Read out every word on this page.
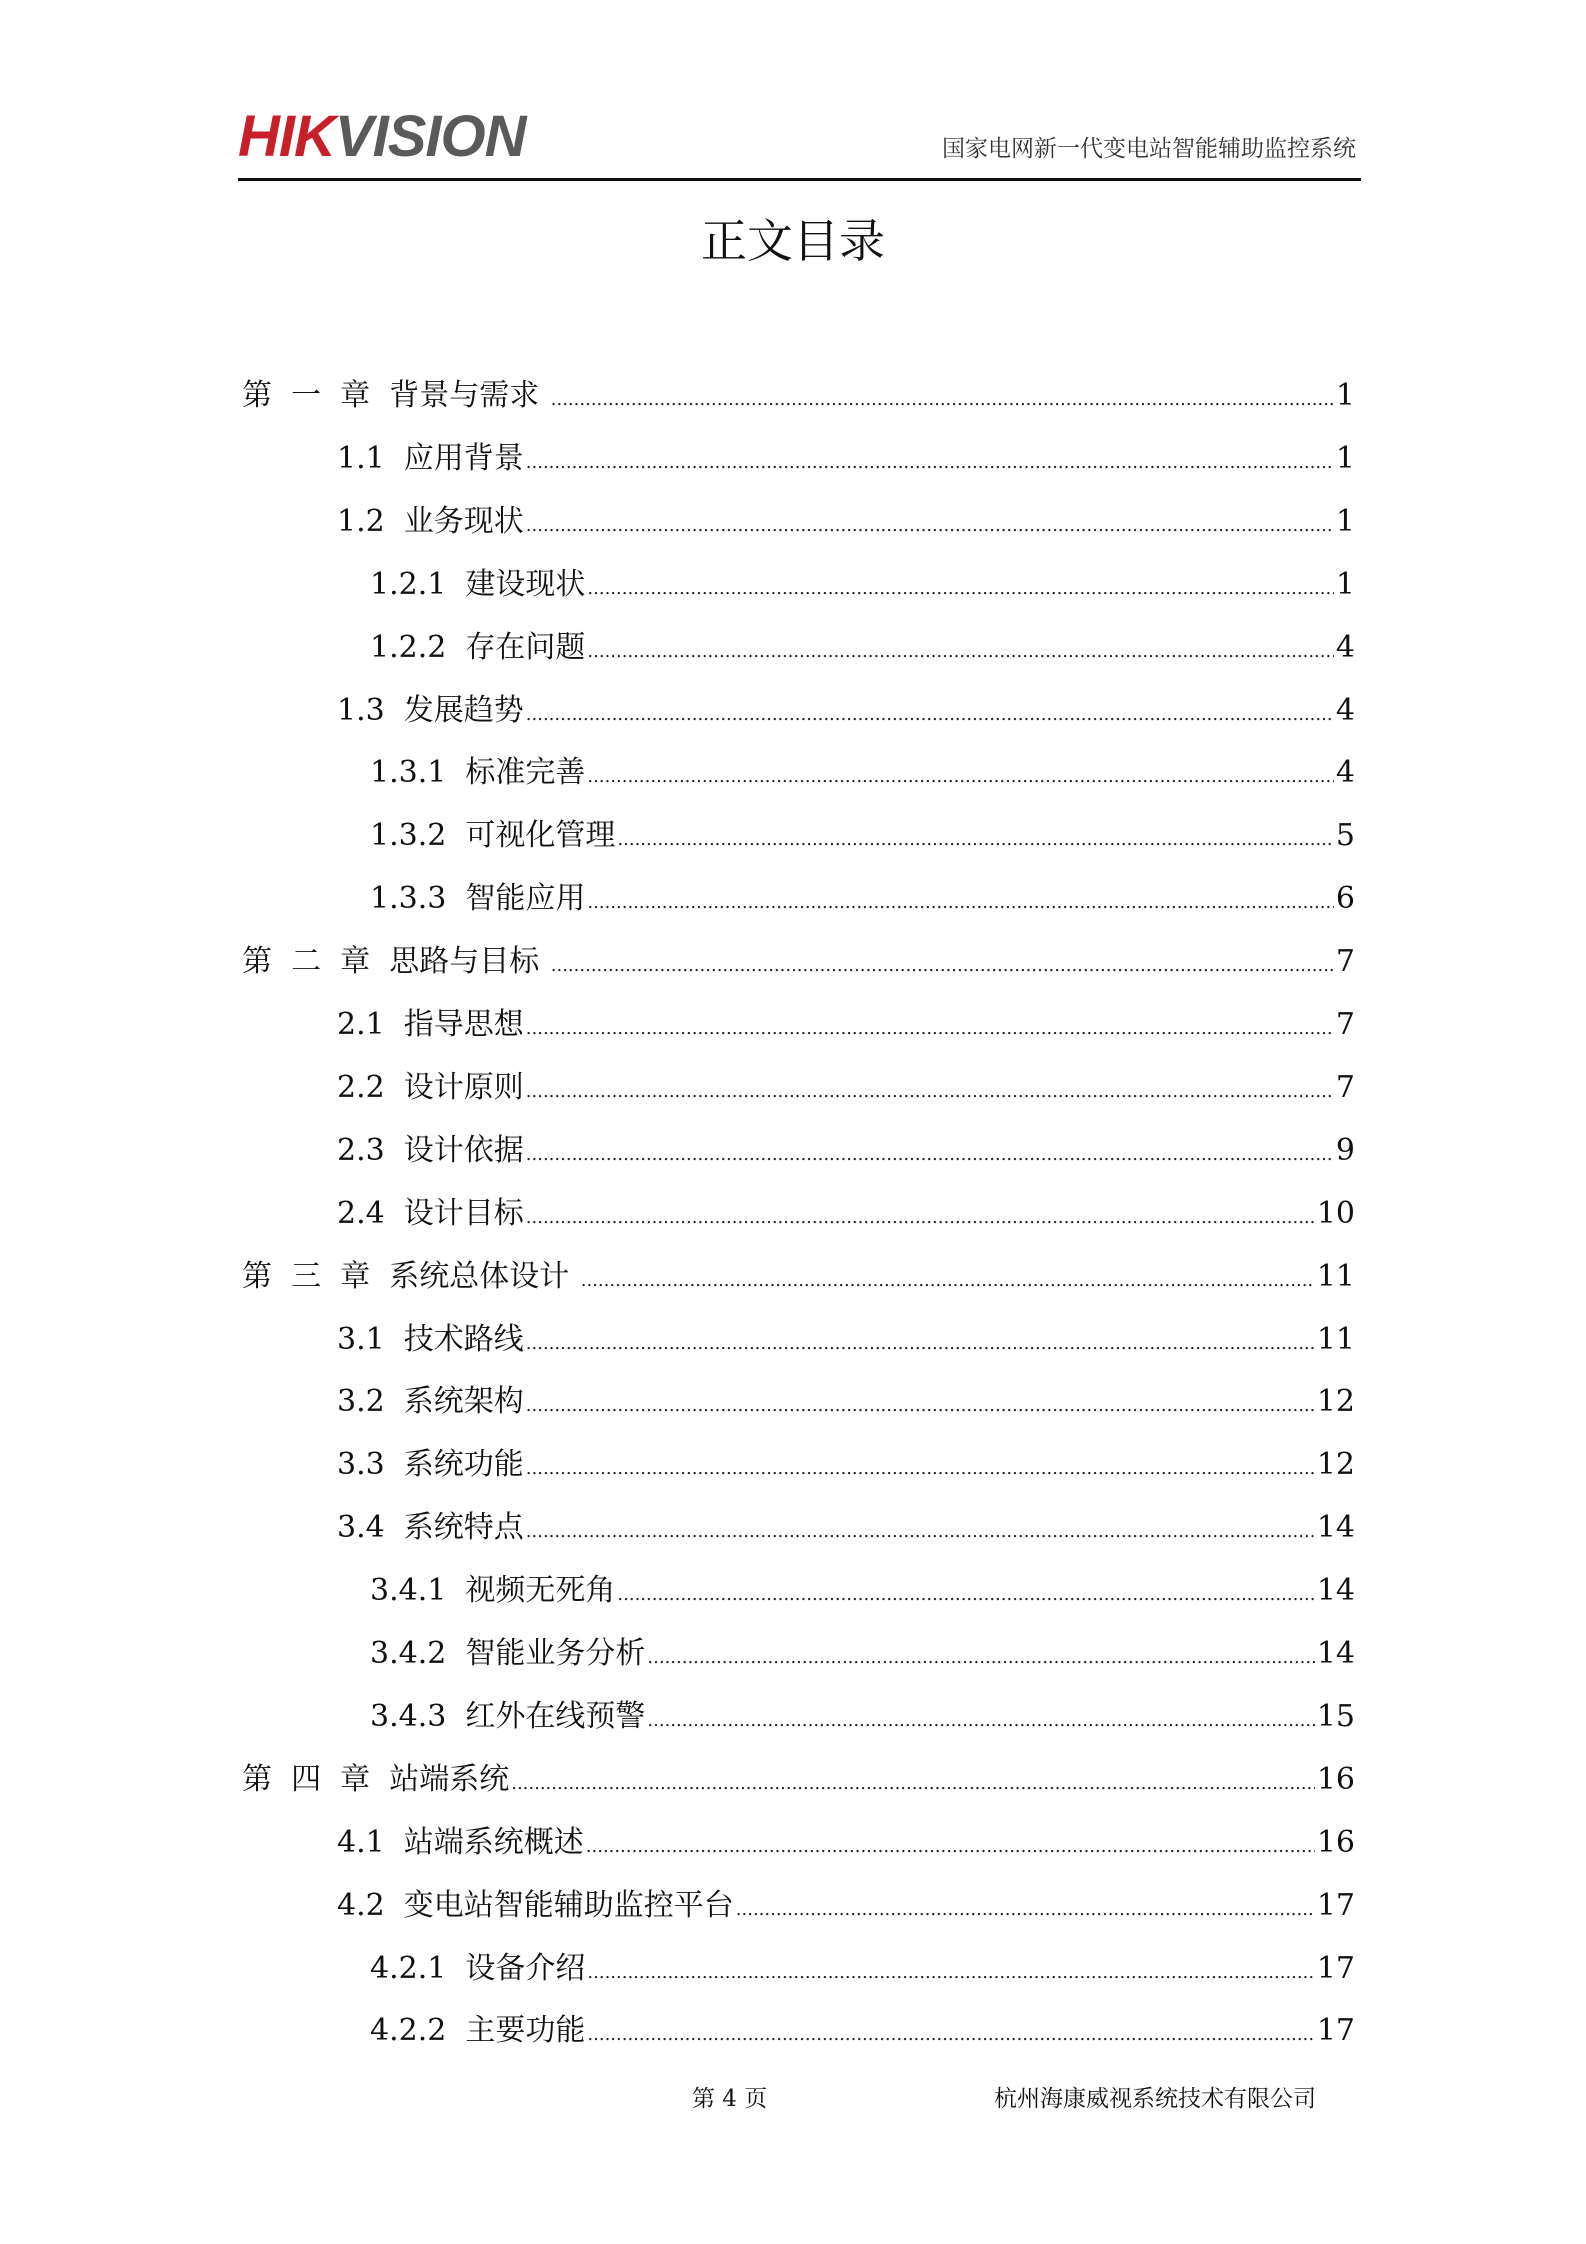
HIKVISION	国家电网新一代变电站智能辅助监控系统
正文目录
第  一  章  背景与需求 .....	1
1.1  应用背景 .....	1
1.2  业务现状 .....	1
1.2.1  建设现状 .....	1
1.2.2  存在问题 .....	4
1.3  发展趋势 .....	4
1.3.1  标准完善 .....	4
1.3.2  可视化管理 .....	5
1.3.3  智能应用 .....	6
第  二  章  思路与目标 .....	7
2.1  指导思想 .....	7
2.2  设计原则 .....	7
2.3  设计依据 .....	9
2.4  设计目标 .....	10
第  三  章  系统总体设计 .....	11
3.1  技术路线 .....	11
3.2  系统架构 .....	12
3.3  系统功能 .....	12
3.4  系统特点 .....	14
3.4.1  视频无死角 .....	14
3.4.2  智能业务分析 .....	14
3.4.3  红外在线预警 .....	15
第  四  章  站端系统 .....	16
4.1  站端系统概述 .....	16
4.2  变电站智能辅助监控平台 .....	17
4.2.1  设备介绍 .....	17
4.2.2  主要功能 .....	17
第 4 页	杭州海康威视系统技术有限公司
